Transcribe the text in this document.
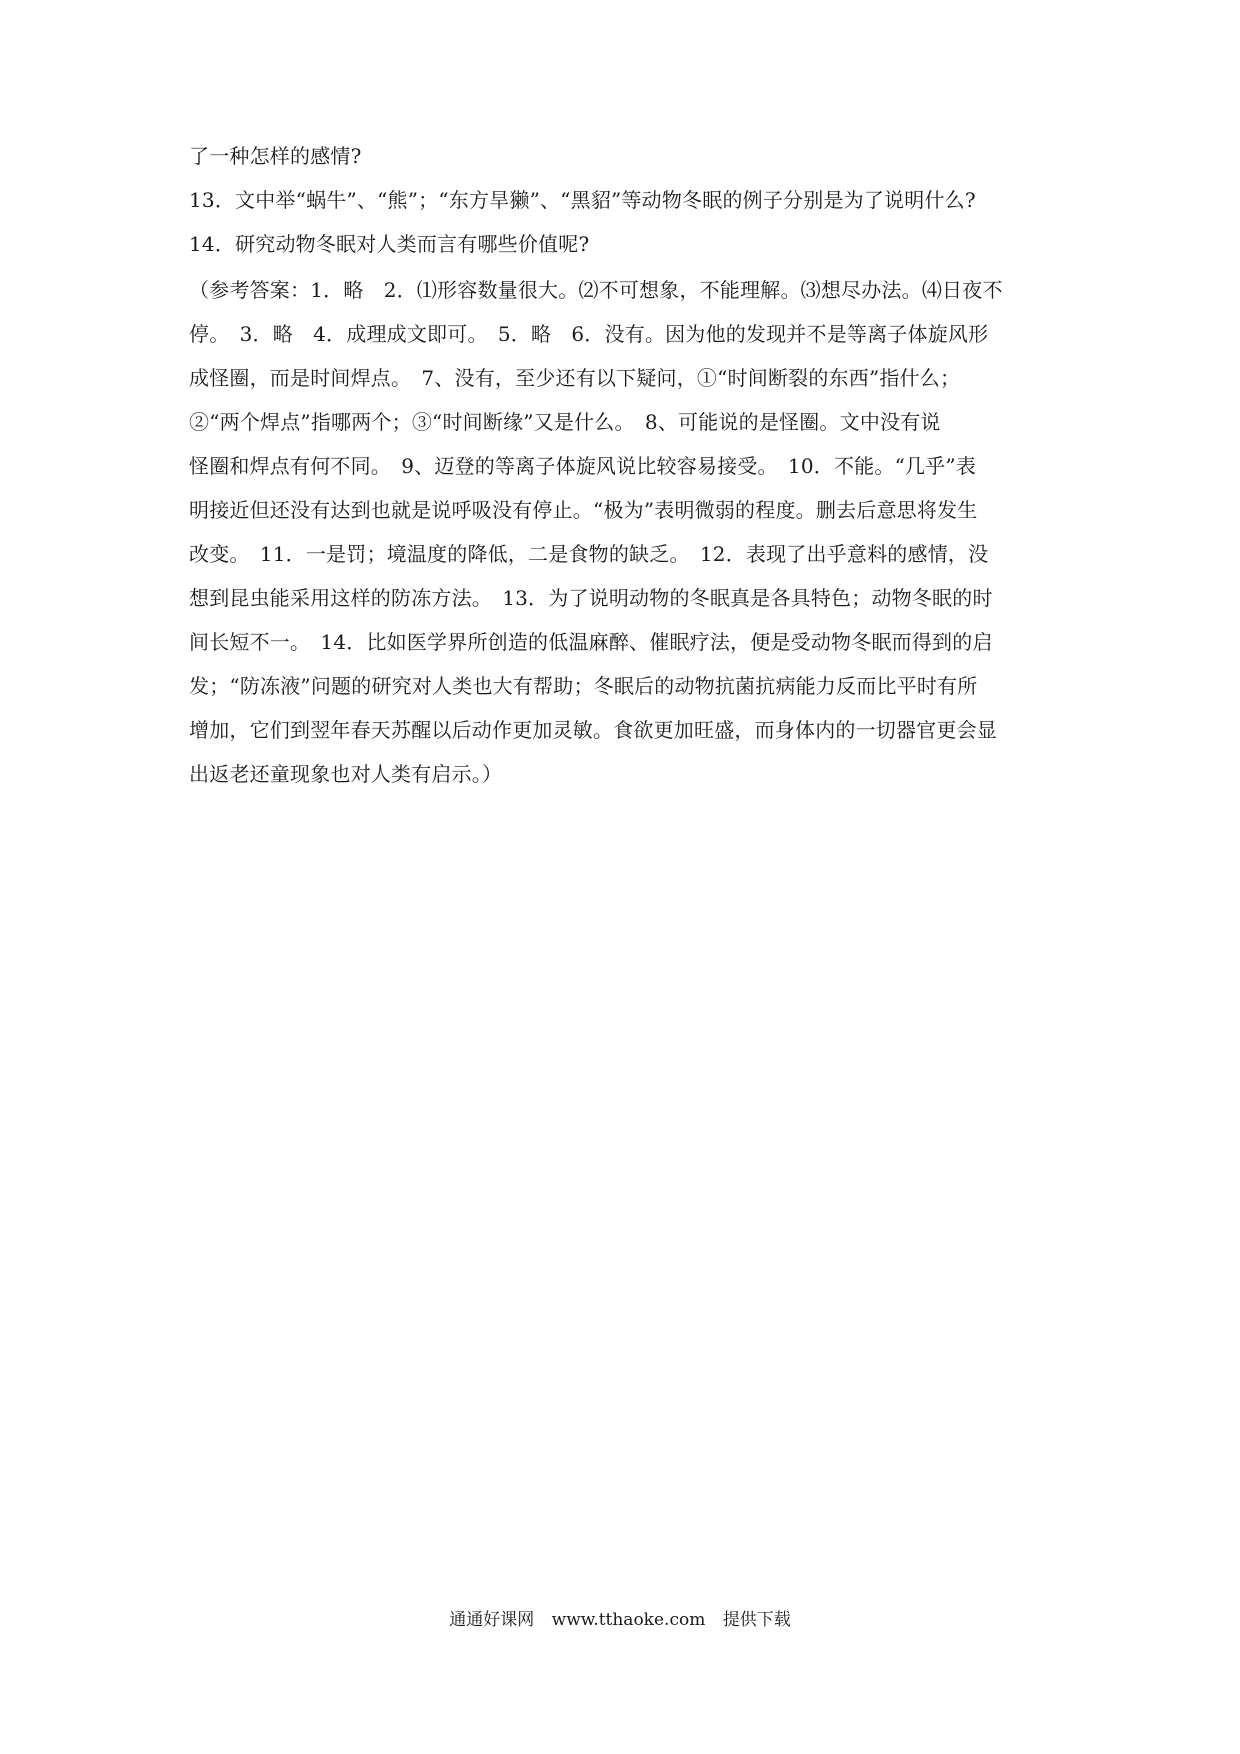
了一种怎样的感情?
13．文中举“蜗牛”、“熊”；“东方旱獭”、“黑貂”等动物冬眠的例子分别是为了说明什么?
14．研究动物冬眠对人类而言有哪些价值呢?
（参考答案：1．略　2．⑴形容数量很大。⑵不可想象，不能理解。⑶想尽办法。⑷日夜不
停。　3．略　4．成理成文即可。　5．略　6．没有。因为他的发现并不是等离子体旋风形
成怪圈，而是时间焊点。　7、没有，至少还有以下疑问，①“时间断裂的东西”指什么；
②“两个焊点”指哪两个；③“时间断缘”又是什么。　8、可能说的是怪圈。文中没有说
怪圈和焊点有何不同。　9、迈登的等离子体旋风说比较容易接受。　10．不能。“几乎”表
明接近但还没有达到也就是说呼吸没有停止。“极为”表明微弱的程度。删去后意思将发生
改变。　11．一是罚；境温度的降低，二是食物的缺乏。　12．表现了出乎意料的感情，没
想到昆虫能采用这样的防冻方法。　13．为了说明动物的冬眠真是各具特色；动物冬眠的时
间长短不一。　14．比如医学界所创造的低温麻醉、催眠疗法，便是受动物冬眠而得到的启
发；“防冻液”问题的研究对人类也大有帮助；冬眠后的动物抗菌抗病能力反而比平时有所
增加，它们到翌年春天苏醒以后动作更加灵敏。食欲更加旺盛，而身体内的一切器官更会显
出返老还童现象也对人类有启示。）
通通好课网 www.tthaoke.com 提供下载
